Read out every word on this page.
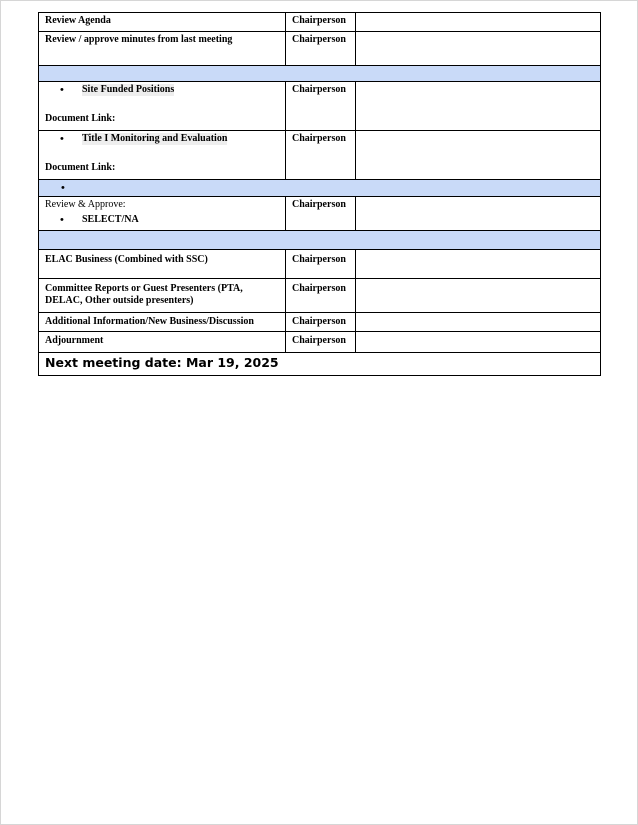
Review Agenda	Chairperson	
Review / approve minutes from last meeting	Chairperson	

• Site Funded Positions
Document Link:	Chairperson	

• Title I Monitoring and Evaluation
Document Link:	Chairperson	

•		

Review & Approve:
• SELECT/NA	Chairperson	

ELAC Business (Combined with SSC)	Chairperson	

Committee Reports or Guest Presenters (PTA,
DELAC, Other outside presenters)	Chairperson	
Additional Information/New Business/Discussion	Chairperson	
Adjournment	Chairperson	
Next meeting date: Mar 19, 2025		
